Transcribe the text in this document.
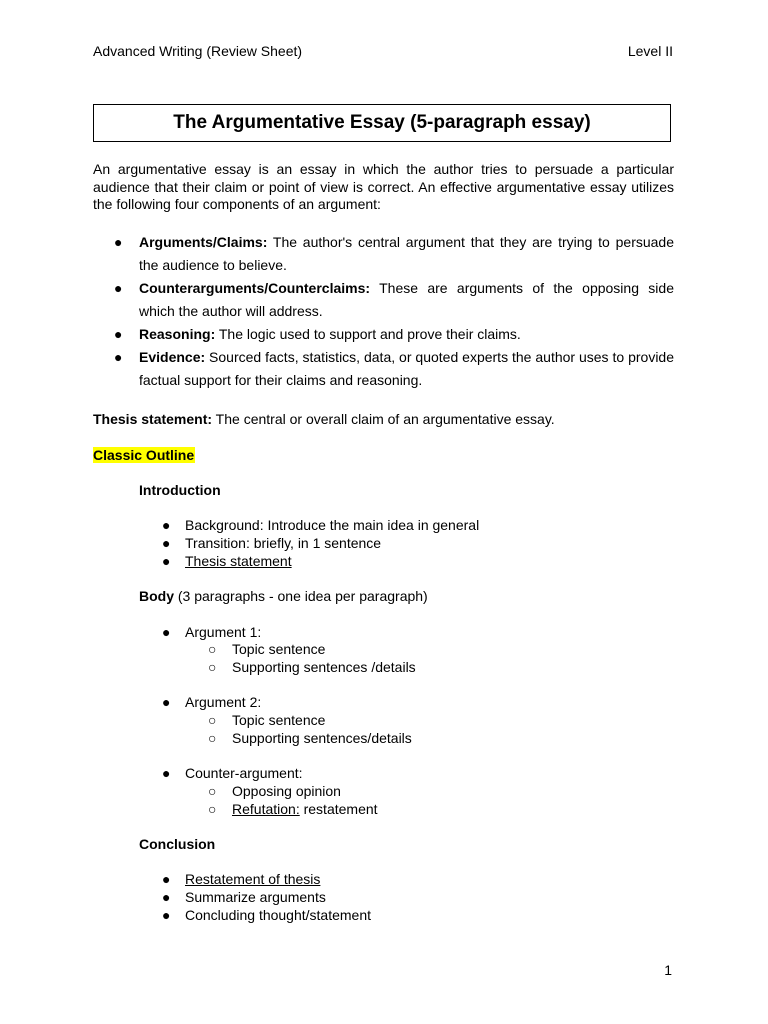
Advanced Writing (Review Sheet)	Level II
The Argumentative Essay (5-paragraph essay)
An argumentative essay is an essay in which the author tries to persuade a particular audience that their claim or point of view is correct. An effective argumentative essay utilizes the following four components of an argument:
● Arguments/Claims: The author's central argument that they are trying to persuade the audience to believe.
● Counterarguments/Counterclaims: These are arguments of the opposing side which the author will address.
● Reasoning: The logic used to support and prove their claims.
● Evidence: Sourced facts, statistics, data, or quoted experts the author uses to provide factual support for their claims and reasoning.
Thesis statement: The central or overall claim of an argumentative essay.
Classic Outline
Introduction
● Background: Introduce the main idea in general
● Transition: briefly, in 1 sentence
● Thesis statement
Body (3 paragraphs - one idea per paragraph)
● Argument 1:
○ Topic sentence
○ Supporting sentences /details
● Argument 2:
○ Topic sentence
○ Supporting sentences/details
● Counter-argument:
○ Opposing opinion
○ Refutation: restatement
Conclusion
● Restatement of thesis
● Summarize arguments
● Concluding thought/statement
1
